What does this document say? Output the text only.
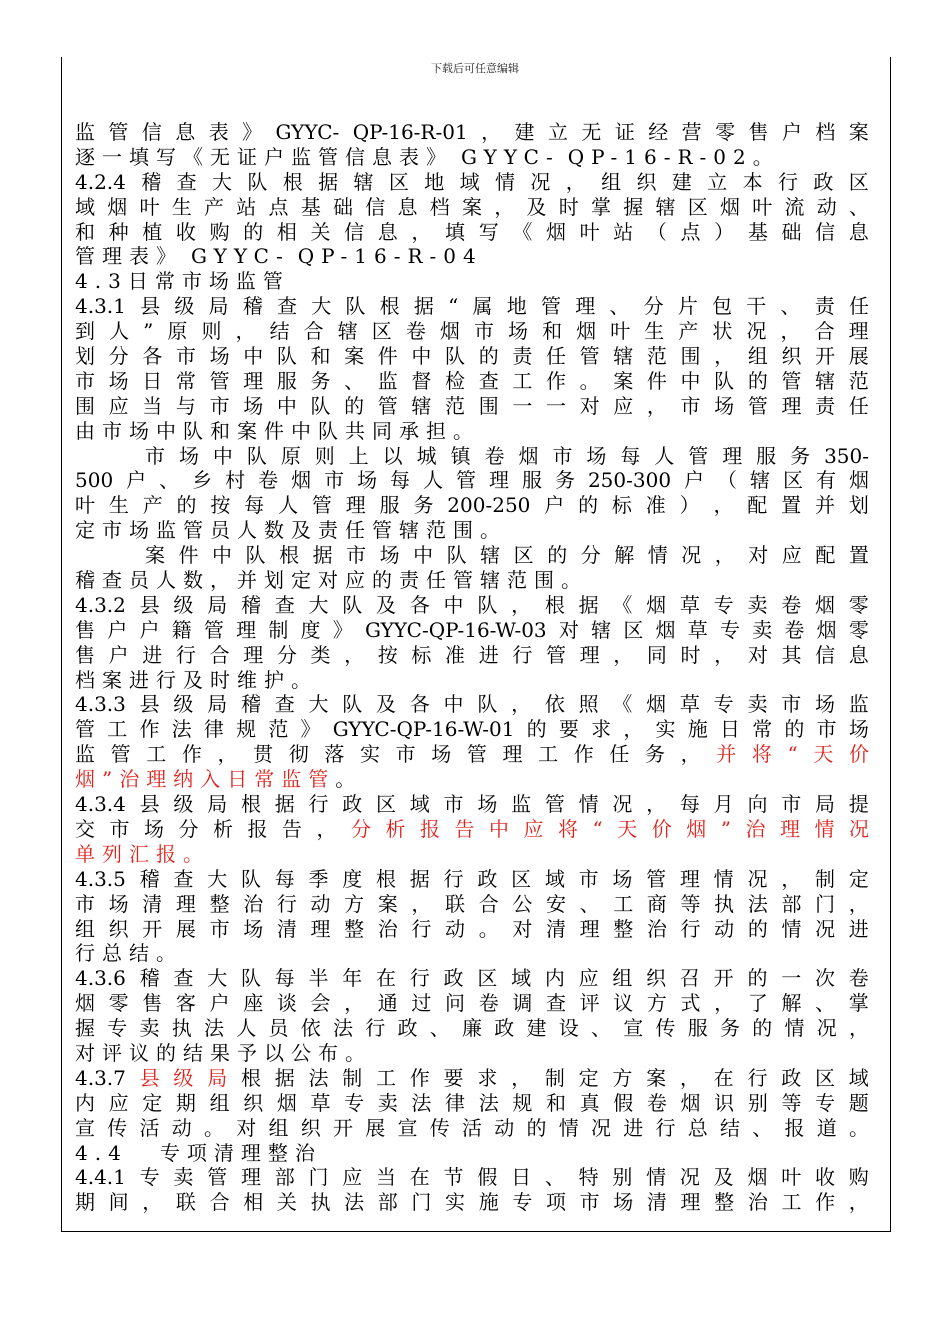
下载后可任意编辑
监 管 信 息 表 》 GYYC- QP-16-R-01 ， 建 立 无 证 经 营 零 售 户 档 案
逐 一 填 写 《 无 证 户 监 管 信 息 表 》 GYYC- QP-16-R-02 。
4.2.4 稽 查 大 队 根 据 辖 区 地 域 情 况 ， 组 织 建 立 本 行 政 区
域 烟 叶 生 产 站 点 基 础 信 息 档 案 ， 及 时 掌 握 辖 区 烟 叶 流 动 、
和 种 植 收 购 的 相 关 信 息 ， 填 写 《 烟 叶 站 （ 点 ） 基 础 信 息
管 理 表 》 GYYC- QP-16-R-04
4.3 日 常 市 场 监 管
4.3.1 县 级 局 稽 查 大 队 根 据 “ 属 地 管 理 、 分 片 包 干 、 责 任
到 人 ” 原 则 ， 结 合 辖 区 卷 烟 市 场 和 烟 叶 生 产 状 况 ， 合 理
划 分 各 市 场 中 队 和 案 件 中 队 的 责 任 管 辖 范 围 ， 组 织 开 展
市 场 日 常 管 理 服 务 、 监 督 检 查 工 作 。 案 件 中 队 的 管 辖 范
围 应 当 与 市 场 中 队 的 管 辖 范 围 一 一 对 应 ， 市 场 管 理 责 任
由 市 场 中 队 和 案 件 中 队 共 同 承 担 。
市 场 中 队 原 则 上 以 城 镇 卷 烟 市 场 每 人 管 理 服 务 350-
500 户 、 乡 村 卷 烟 市 场 每 人 管 理 服 务 250-300 户 （ 辖 区 有 烟
叶 生 产 的 按 每 人 管 理 服 务 200-250 户 的 标 准 ） ， 配 置 并 划
定 市 场 监 管 员 人 数 及 责 任 管 辖 范 围 。
案 件 中 队 根 据 市 场 中 队 辖 区 的 分 解 情 况 ， 对 应 配 置
稽 查 员 人 数 ， 并 划 定 对 应 的 责 任 管 辖 范 围 。
4.3.2 县 级 局 稽 查 大 队 及 各 中 队 ， 根 据 《 烟 草 专 卖 卷 烟 零
售 户 户 籍 管 理 制 度 》 GYYC-QP-16-W-03 对 辖 区 烟 草 专 卖 卷 烟 零
售 户 进 行 合 理 分 类 ， 按 标 准 进 行 管 理 ， 同 时 ， 对 其 信 息
档 案 进 行 及 时 维 护 。
4.3.3 县 级 局 稽 查 大 队 及 各 中 队 ， 依 照 《 烟 草 专 卖 市 场 监
管 工 作 法 律 规 范 》 GYYC-QP-16-W-01 的 要 求 ， 实 施 日 常 的 市 场
监 管 工 作 ， 贯 彻 落 实 市 场 管 理 工 作 任 务 ， 并 将 “ 天 价
烟 ” 治 理 纳 入 日 常 监 管 。
4.3.4 县 级 局 根 据 行 政 区 域 市 场 监 管 情 况 ， 每 月 向 市 局 提
交 市 场 分 析 报 告 ， 分 析 报 告 中 应 将 “ 天 价 烟 ” 治 理 情 况
单 列 汇 报 。
4.3.5 稽 查 大 队 每 季 度 根 据 行 政 区 域 市 场 管 理 情 况 ， 制 定
市 场 清 理 整 治 行 动 方 案 ， 联 合 公 安 、 工 商 等 执 法 部 门 ，
组 织 开 展 市 场 清 理 整 治 行 动 。 对 清 理 整 治 行 动 的 情 况 进
行 总 结 。
4.3.6 稽 查 大 队 每 半 年 在 行 政 区 域 内 应 组 织 召 开 的 一 次 卷
烟 零 售 客 户 座 谈 会 ， 通 过 问 卷 调 查 评 议 方 式 ， 了 解 、 掌
握 专 卖 执 法 人 员 依 法 行 政 、 廉 政 建 设 、 宣 传 服 务 的 情 况 ，
对 评 议 的 结 果 予 以 公 布 。
4.3.7 县 级 局 根 据 法 制 工 作 要 求 ， 制 定 方 案 ， 在 行 政 区 域
内 应 定 期 组 织 烟 草 专 卖 法 律 法 规 和 真 假 卷 烟 识 别 等 专 题
宣 传 活 动 。 对 组 织 开 展 宣 传 活 动 的 情 况 进 行 总 结 、 报 道 。
4.4 专 项 清 理 整 治
4.4.1 专 卖 管 理 部 门 应 当 在 节 假 日 、 特 别 情 况 及 烟 叶 收 购
期 间 ， 联 合 相 关 执 法 部 门 实 施 专 项 市 场 清 理 整 治 工 作 ，
